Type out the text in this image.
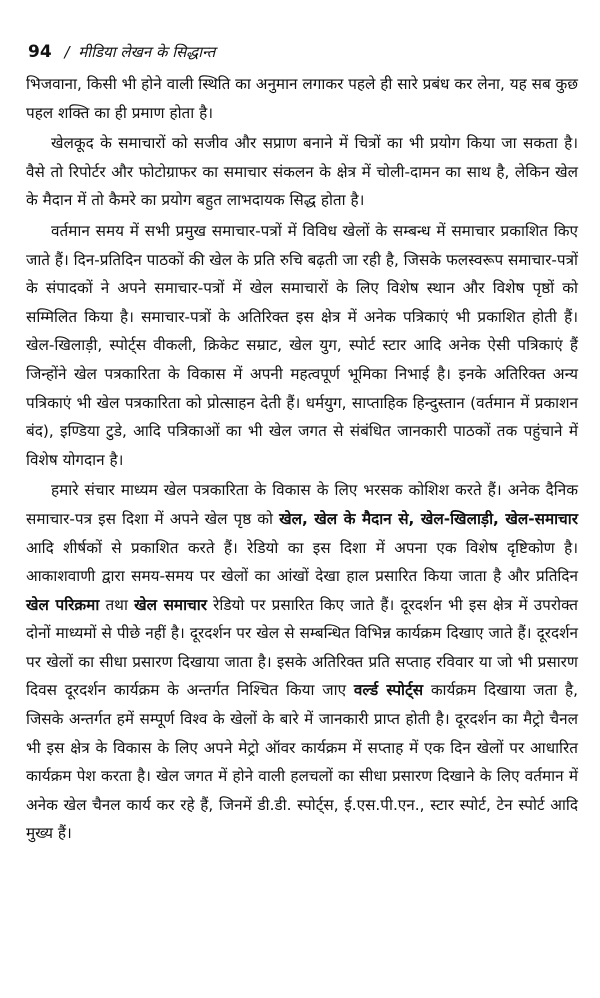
94 / मीडिया लेखन के सिद्धान्त

भिजवाना, किसी भी होने वाली स्थिति का अनुमान लगाकर पहले ही सारे प्रबंध कर लेना, यह सब कुछ पहल शक्ति का ही प्रमाण होता है।

खेलकूद के समाचारों को सजीव और सप्राण बनाने में चित्रों का भी प्रयोग किया जा सकता है। वैसे तो रिपोर्टर और फोटोग्राफर का समाचार संकलन के क्षेत्र में चोली-दामन का साथ है, लेकिन खेल के मैदान में तो कैमरे का प्रयोग बहुत लाभदायक सिद्ध होता है।

वर्तमान समय में सभी प्रमुख समाचार-पत्रों में विविध खेलों के सम्बन्ध में समाचार प्रकाशित किए जाते हैं। दिन-प्रतिदिन पाठकों की खेल के प्रति रुचि बढ़ती जा रही है, जिसके फलस्वरूप समाचार-पत्रों के संपादकों ने अपने समाचार-पत्रों में खेल समाचारों के लिए विशेष स्थान और विशेष पृष्ठों को सम्मिलित किया है। समाचार-पत्रों के अतिरिक्त इस क्षेत्र में अनेक पत्रिकाएं भी प्रकाशित होती हैं। खेल-खिलाड़ी, स्पोर्ट्स वीकली, क्रिकेट सम्राट, खेल युग, स्पोर्ट स्टार आदि अनेक ऐसी पत्रिकाएं हैं जिन्होंने खेल पत्रकारिता के विकास में अपनी महत्वपूर्ण भूमिका निभाई है। इनके अतिरिक्त अन्य पत्रिकाएं भी खेल पत्रकारिता को प्रोत्साहन देती हैं। धर्मयुग, साप्ताहिक हिन्दुस्तान (वर्तमान में प्रकाशन बंद), इण्डिया टुडे, आदि पत्रिकाओं का भी खेल जगत से संबंधित जानकारी पाठकों तक पहुंचाने में विशेष योगदान है।

हमारे संचार माध्यम खेल पत्रकारिता के विकास के लिए भरसक कोशिश करते हैं। अनेक दैनिक समाचार-पत्र इस दिशा में अपने खेल पृष्ठ को खेल, खेल के मैदान से, खेल-खिलाड़ी, खेल-समाचार आदि शीर्षकों से प्रकाशित करते हैं। रेडियो का इस दिशा में अपना एक विशेष दृष्टिकोण है। आकाशवाणी द्वारा समय-समय पर खेलों का आंखों देखा हाल प्रसारित किया जाता है और प्रतिदिन खेल परिक्रमा तथा खेल समाचार रेडियो पर प्रसारित किए जाते हैं। दूरदर्शन भी इस क्षेत्र में उपरोक्त दोनों माध्यमों से पीछे नहीं है। दूरदर्शन पर खेल से सम्बन्धित विभिन्न कार्यक्रम दिखाए जाते हैं। दूरदर्शन पर खेलों का सीधा प्रसारण दिखाया जाता है। इसके अतिरिक्त प्रति सप्ताह रविवार या जो भी प्रसारण दिवस दूरदर्शन कार्यक्रम के अन्तर्गत निश्चित किया जाए वर्ल्ड स्पोर्ट्स कार्यक्रम दिखाया जता है, जिसके अन्तर्गत हमें सम्पूर्ण विश्व के खेलों के बारे में जानकारी प्राप्त होती है। दूरदर्शन का मैट्रो चैनल भी इस क्षेत्र के विकास के लिए अपने मेट्रो ऑवर कार्यक्रम में सप्ताह में एक दिन खेलों पर आधारित कार्यक्रम पेश करता है। खेल जगत में होने वाली हलचलों का सीधा प्रसारण दिखाने के लिए वर्तमान में अनेक खेल चैनल कार्य कर रहे हैं, जिनमें डी.डी. स्पोर्ट्स, ई.एस.पी.एन., स्टार स्पोर्ट, टेन स्पोर्ट आदि मुख्य हैं।
